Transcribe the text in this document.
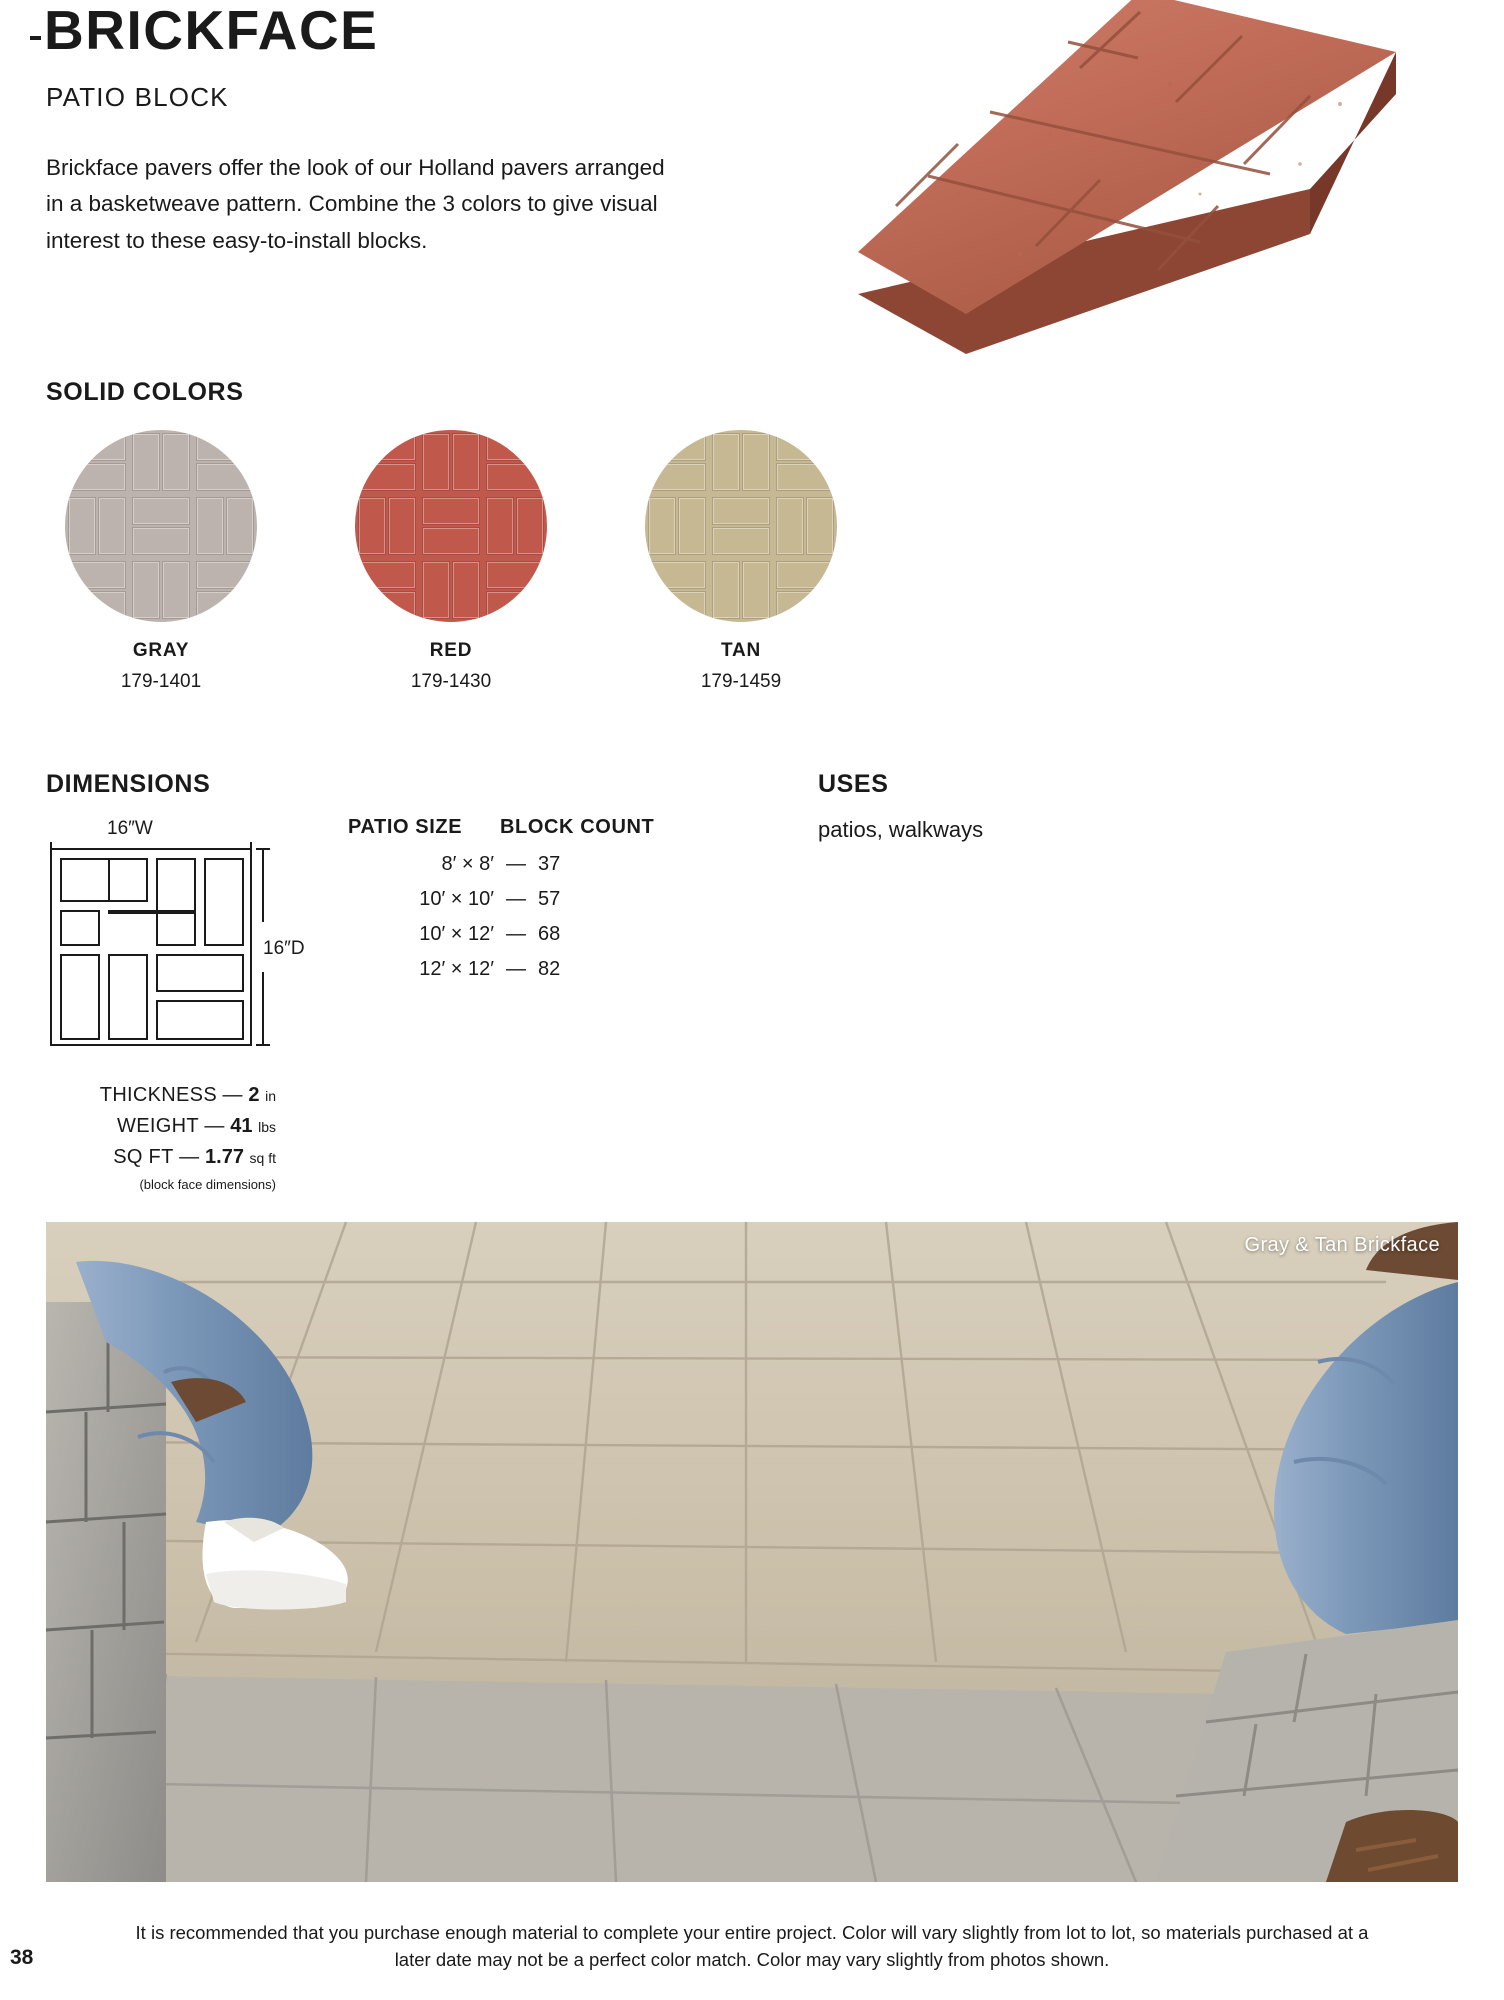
BRICKFACE
PATIO BLOCK
Brickface pavers offer the look of our Holland pavers arranged in a basketweave pattern. Combine the 3 colors to give visual interest to these easy-to-install blocks.
SOLID COLORS
GRAY
179-1401
RED
179-1430
TAN
179-1459
DIMENSIONS
16″W
16″D
THICKNESS — 2 in
WEIGHT — 41 lbs
SQ FT — 1.77 sq ft
(block face dimensions)
PATIO SIZE	BLOCK COUNT
8′ × 8′ — 37
10′ × 10′ — 57
10′ × 12′ — 68
12′ × 12′ — 82
USES
patios, walkways
Gray & Tan Brickface
38
It is recommended that you purchase enough material to complete your entire project. Color will vary slightly from lot to lot, so materials purchased at a later date may not be a perfect color match. Color may vary slightly from photos shown.
